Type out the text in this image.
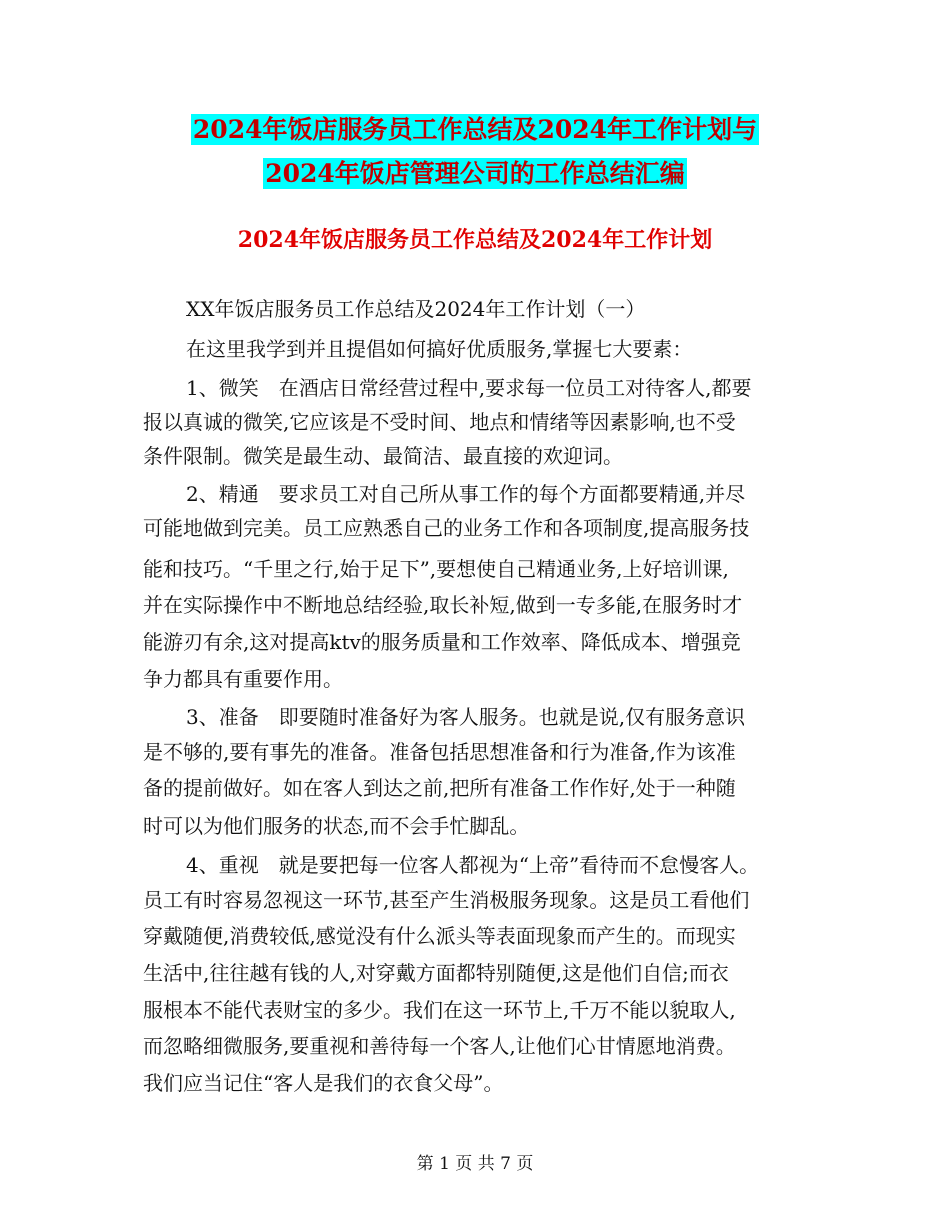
2024年饭店服务员工作总结及2024年工作计划与
2024年饭店管理公司的工作总结汇编
2024年饭店服务员工作总结及2024年工作计划
XX年饭店服务员工作总结及2024年工作计划（一）
在这里我学到并且提倡如何搞好优质服务,掌握七大要素：
1、微笑　在酒店日常经营过程中,要求每一位员工对待客人,都要
报以真诚的微笑,它应该是不受时间、地点和情绪等因素影响,也不受
条件限制。微笑是最生动、最简洁、最直接的欢迎词。
2、精通　要求员工对自己所从事工作的每个方面都要精通,并尽
可能地做到完美。员工应熟悉自己的业务工作和各项制度,提高服务技
能和技巧。“千里之行,始于足下”,要想使自己精通业务,上好培训课,
并在实际操作中不断地总结经验,取长补短,做到一专多能,在服务时才
能游刃有余,这对提高ktv的服务质量和工作效率、降低成本、增强竞
争力都具有重要作用。
3、准备　即要随时准备好为客人服务。也就是说,仅有服务意识
是不够的,要有事先的准备。准备包括思想准备和行为准备,作为该准
备的提前做好。如在客人到达之前,把所有准备工作作好,处于一种随
时可以为他们服务的状态,而不会手忙脚乱。
4、重视　就是要把每一位客人都视为“上帝”看待而不怠慢客人。
员工有时容易忽视这一环节,甚至产生消极服务现象。这是员工看他们
穿戴随便,消费较低,感觉没有什么派头等表面现象而产生的。而现实
生活中,往往越有钱的人,对穿戴方面都特别随便,这是他们自信;而衣
服根本不能代表财宝的多少。我们在这一环节上,千万不能以貌取人,
而忽略细微服务,要重视和善待每一个客人,让他们心甘情愿地消费。
我们应当记住“客人是我们的衣食父母”。
第 1 页 共 7 页
